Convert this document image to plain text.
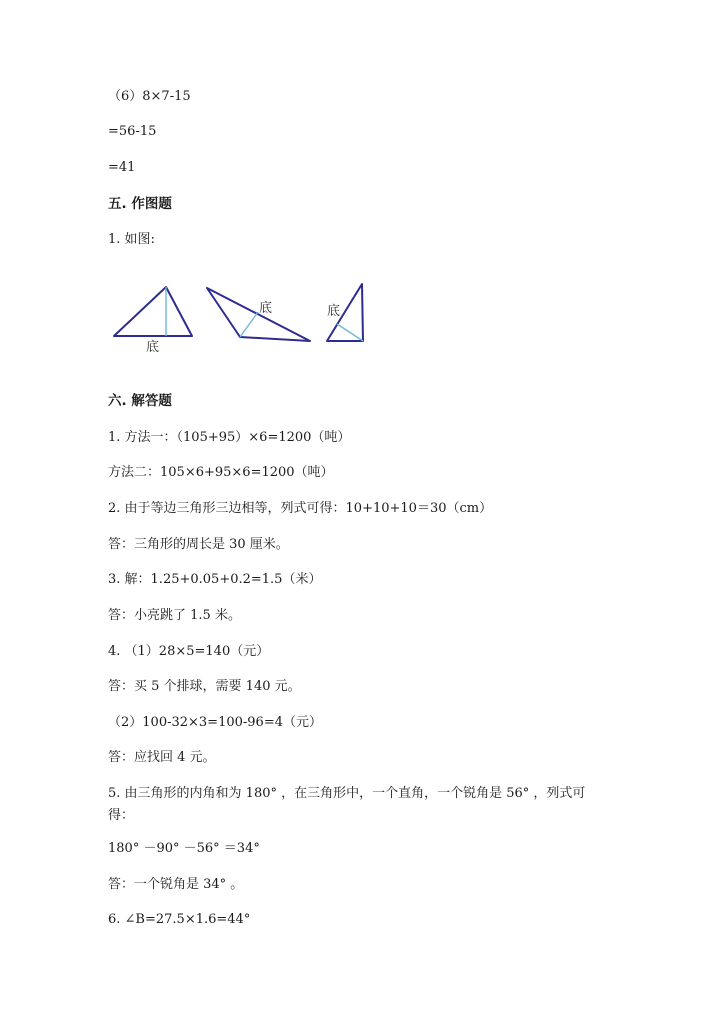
（6）8×7-15
=56-15
=41
五. 作图题
1. 如图:
底
底	底
六. 解答题
1. 方法一：（105+95）×6=1200（吨）
方法二：105×6+95×6=1200（吨）
2. 由于等边三角形三边相等，列式可得：10+10+10＝30（cm）
答：三角形的周长是 30 厘米。
3. 解：1.25+0.05+0.2=1.5（米）
答：小亮跳了 1.5 米。
4. （1）28×5=140（元）
答：买 5 个排球，需要 140 元。
（2）100-32×3=100-96=4（元）
答：应找回 4 元。
5. 由三角形的内角和为 180° ，在三角形中，一个直角，一个锐角是 56° ，列式可得：
180° －90° －56° ＝34°
答：一个锐角是 34° 。
6. ∠B=27.5×1.6=44°
